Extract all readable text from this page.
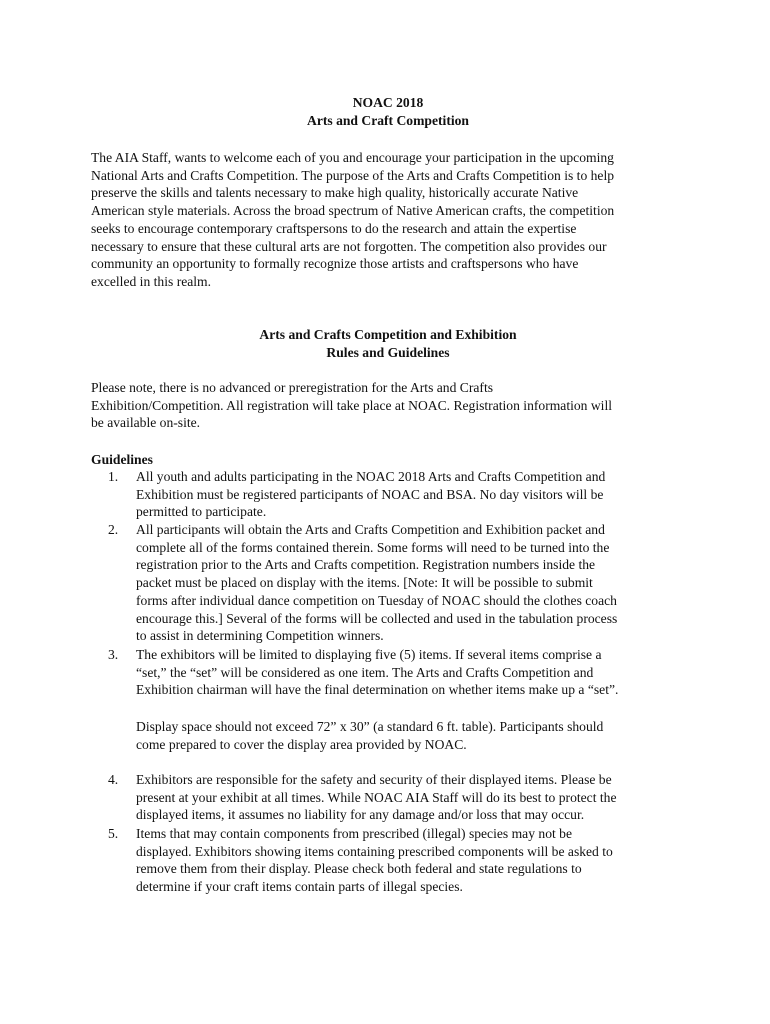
NOAC 2018
Arts and Craft Competition
The AIA Staff, wants to welcome each of you and encourage your participation in the upcoming
National Arts and Crafts Competition. The purpose of the Arts and Crafts Competition is to help
preserve the skills and talents necessary to make high quality, historically accurate Native
American style materials. Across the broad spectrum of Native American crafts, the competition
seeks to encourage contemporary craftspersons to do the research and attain the expertise
necessary to ensure that these cultural arts are not forgotten. The competition also provides our
community an opportunity to formally recognize those artists and craftspersons who have
excelled in this realm.
Arts and Crafts Competition and Exhibition
Rules and Guidelines
Please note, there is no advanced or preregistration for the Arts and Crafts
Exhibition/Competition. All registration will take place at NOAC. Registration information will
be available on-site.
Guidelines
1.	All youth and adults participating in the NOAC 2018 Arts and Crafts Competition and
Exhibition must be registered participants of NOAC and BSA. No day visitors will be
permitted to participate.
2.	All participants will obtain the Arts and Crafts Competition and Exhibition packet and
complete all of the forms contained therein. Some forms will need to be turned into the
registration prior to the Arts and Crafts competition. Registration numbers inside the
packet must be placed on display with the items. [Note: It will be possible to submit
forms after individual dance competition on Tuesday of NOAC should the clothes coach
encourage this.] Several of the forms will be collected and used in the tabulation process
to assist in determining Competition winners.
3.	The exhibitors will be limited to displaying five (5) items. If several items comprise a
“set,” the “set” will be considered as one item. The Arts and Crafts Competition and
Exhibition chairman will have the final determination on whether items make up a “set”.
Display space should not exceed 72” x 30” (a standard 6 ft. table). Participants should
come prepared to cover the display area provided by NOAC.
4.	Exhibitors are responsible for the safety and security of their displayed items. Please be
present at your exhibit at all times. While NOAC AIA Staff will do its best to protect the
displayed items, it assumes no liability for any damage and/or loss that may occur.
5.	Items that may contain components from prescribed (illegal) species may not be
displayed. Exhibitors showing items containing prescribed components will be asked to
remove them from their display. Please check both federal and state regulations to
determine if your craft items contain parts of illegal species.
